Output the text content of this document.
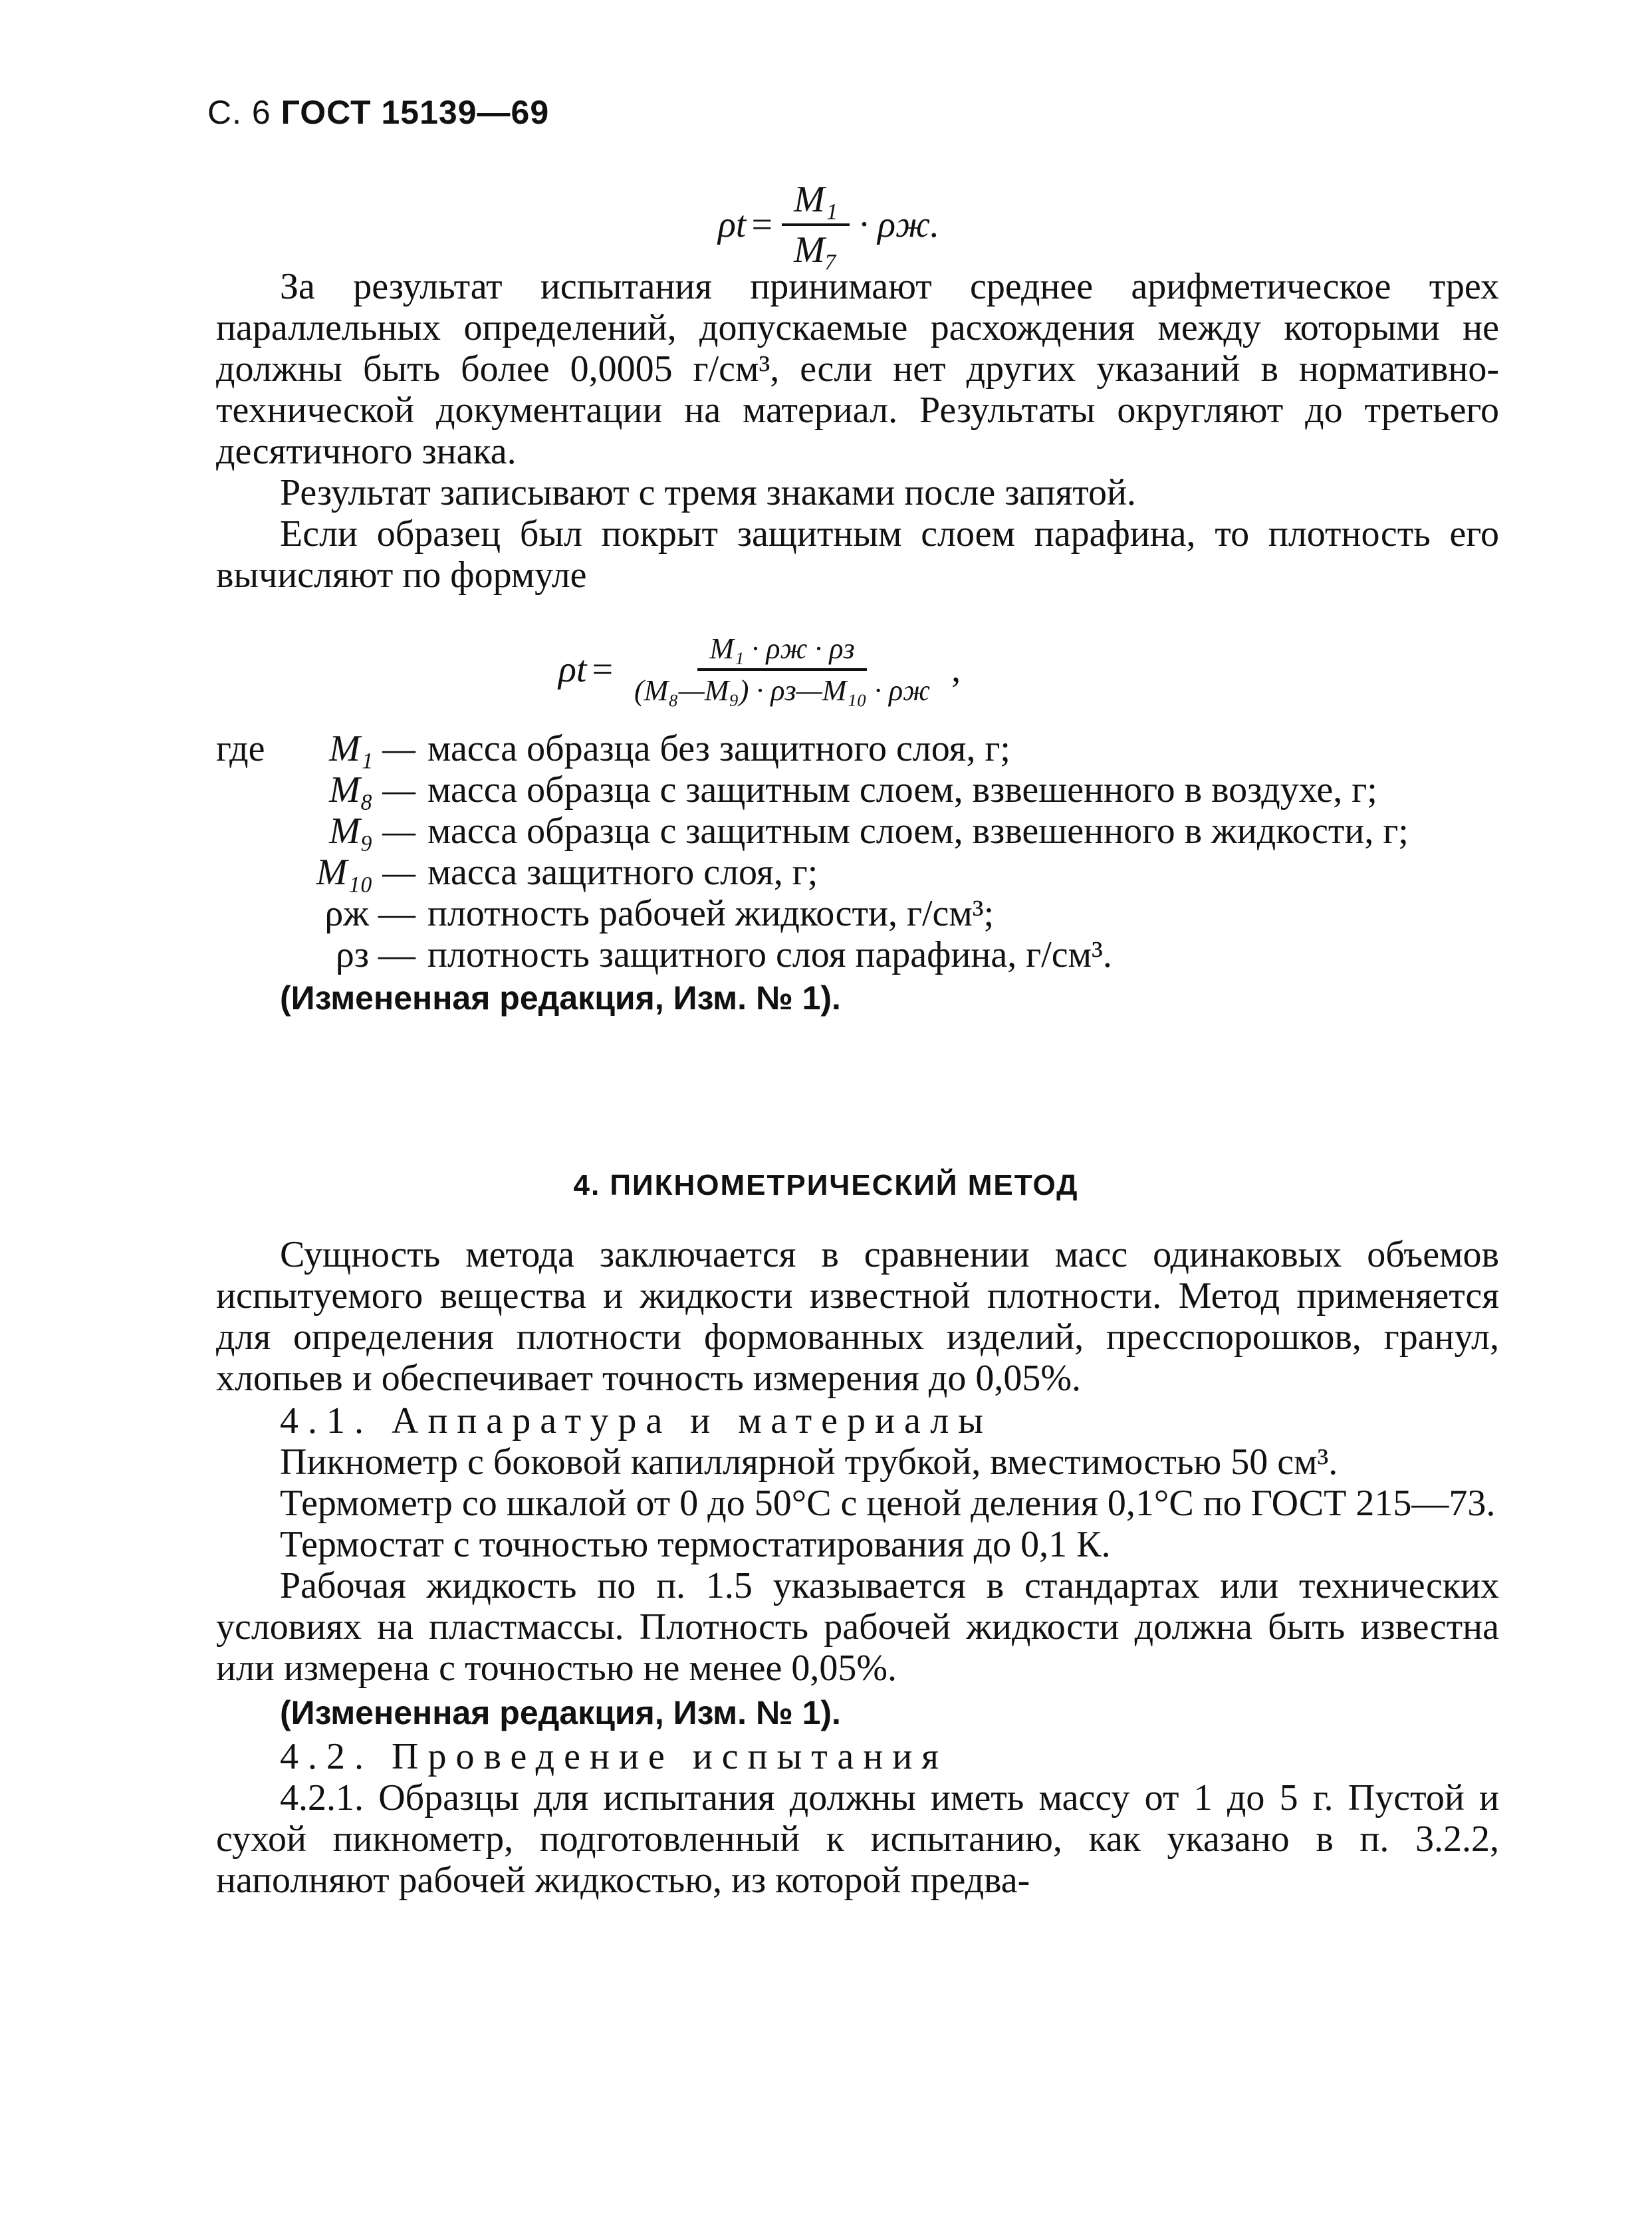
С. 6 ГОСТ 15139—69
$\rho t = \frac{\text{M₁}}{\text{M₇}} \cdot \rho ж$.

За результат испытания принимают среднее арифметическое трех параллельных определений, допускаемые расхождения между которыми не должны быть более 0,0005 г/см³, если нет других указаний в нормативно-технической документации на материал. Результаты округляют до третьего десятичного знака.

Результат записывают с тремя знаками после запятой.

Если образец был покрыт защитным слоем парафина, то плотность его вычисляют по формуле

$\rho t = \frac{\text{M₁ · ρж · ρз}}{\text{(M₈—M₉) · ρз—M₁₀ · ρж}}$ ,
где M₁ — масса образца без защитного слоя, г;
M₈ — масса образца с защитным слоем, взвешенного в воздухе, г;
M₉ — масса образца с защитным слоем, взвешенного в жидкости, г;
M₁₀ — масса защитного слоя, г;
ρж — плотность рабочей жидкости, г/см³;
ρз — плотность защитного слоя парафина, г/см³.
(Измененная редакция, Изм. № 1).
4. ПИКНОМЕТРИЧЕСКИЙ МЕТОД

Сущность метода заключается в сравнении масс одинаковых объемов испытуемого вещества и жидкости известной плотности. Метод применяется для определения плотности формованных изделий, пресспорошков, гранул, хлопьев и обеспечивает точность измерения до 0,05%.

4.1. Аппаратура и материалы

Пикнометр с боковой капиллярной трубкой, вместимостью 50 см³.

Термометр со шкалой от 0 до 50°С с ценой деления 0,1°С по ГОСТ 215—73.

Термостат с точностью термостатирования до 0,1 К.

Рабочая жидкость по п. 1.5 указывается в стандартах или технических условиях на пластмассы. Плотность рабочей жидкости должна быть известна или измерена с точностью не менее 0,05%.

(Измененная редакция, Изм. № 1).

4.2. Проведение испытания

4.2.1. Образцы для испытания должны иметь массу от 1 до 5 г. Пустой и сухой пикнометр, подготовленный к испытанию, как указано в п. 3.2.2, наполняют рабочей жидкостью, из которой предва-
